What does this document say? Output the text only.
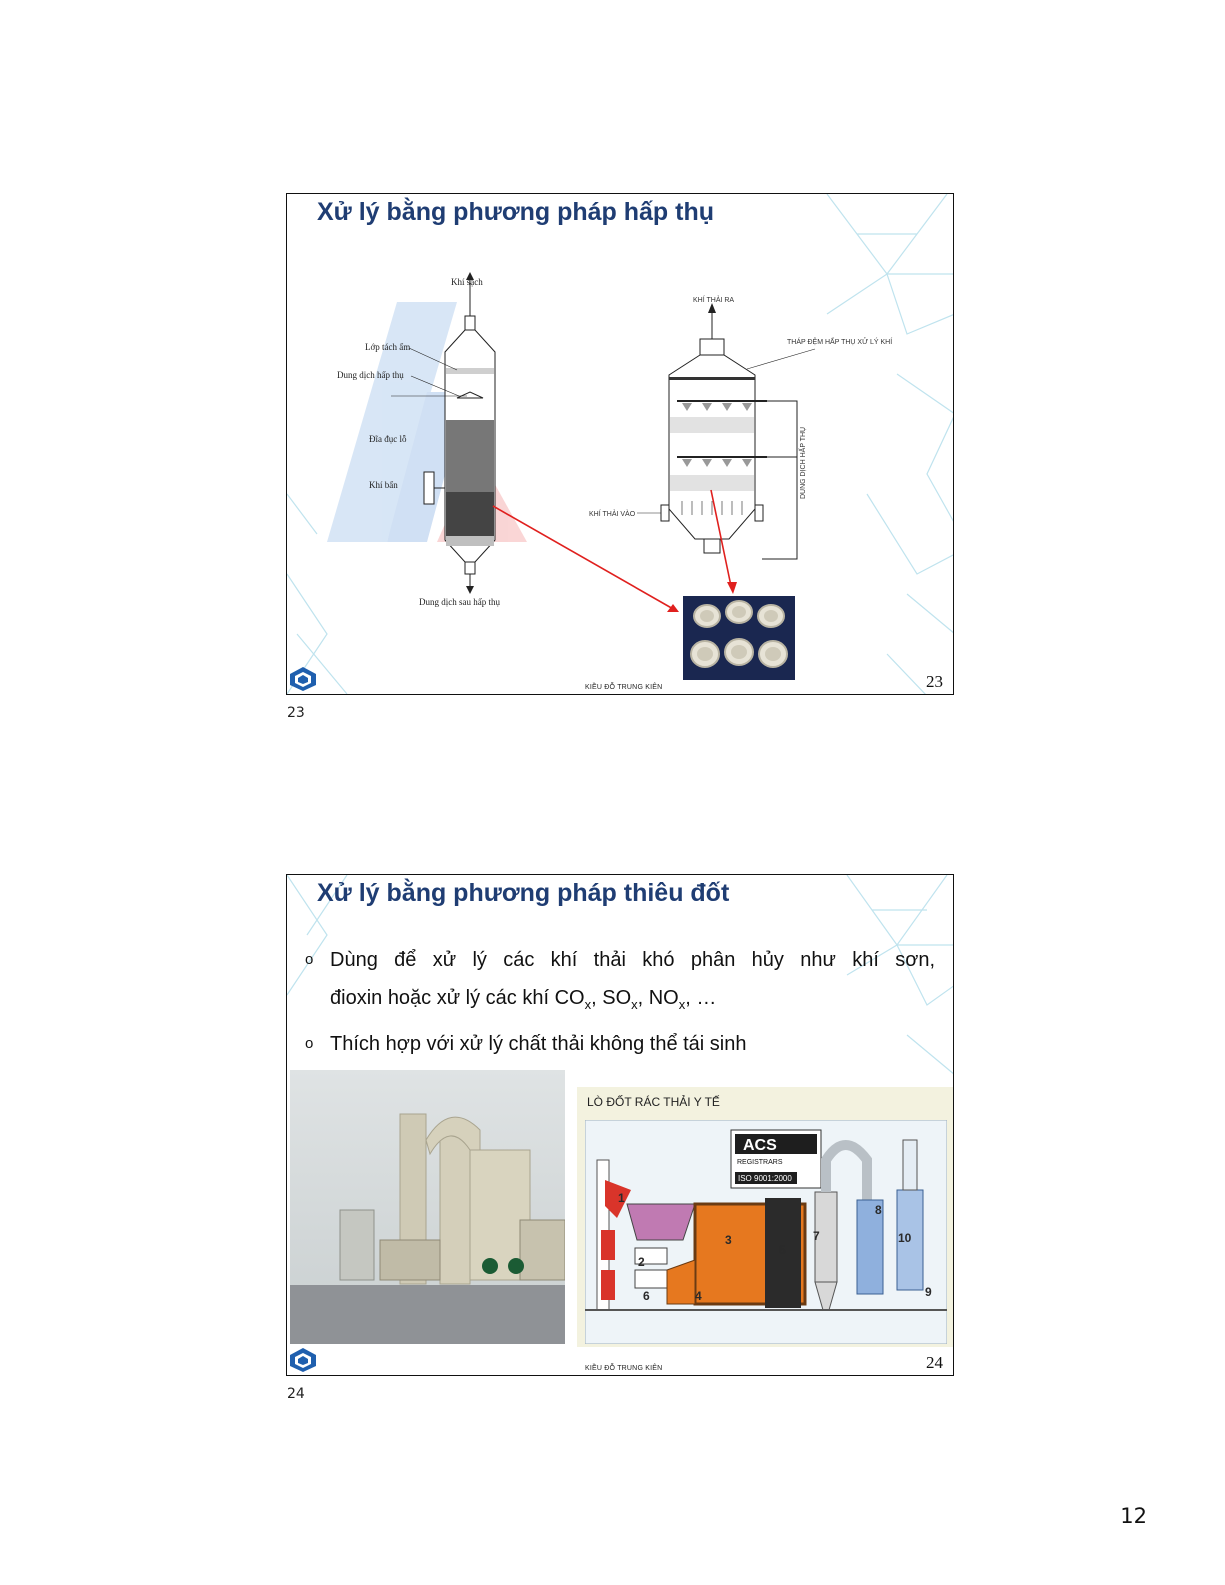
Xử lý bằng phương pháp hấp thụ
Khí sạch
Lớp tách ẩm
Dung dịch hấp thụ
Đĩa đục lỗ
Khí bẩn
Dung dịch sau hấp thụ
KHÍ THẢI RA
THÁP ĐỆM HẤP THỤ XỬ LÝ KHÍ
DUNG DỊCH HẤP THỤ
KHÍ THẢI VÀO
KIỀU ĐỖ TRUNG KIÊN	23
23
Xử lý bằng phương pháp thiêu đốt
o Dùng để xử lý các khí thải khó phân hủy như khí sơn,
đioxin hoặc xử lý các khí $CO_x$, $SO_x$, $NO_x$, …
o Thích hợp với xử lý chất thải không thể tái sinh
LÒ ĐỐT RÁC THẢI Y TẾ
ACS
REGISTRARS
ISO 9001:2000
1
2
3
4
5
6
7
8
9
10
KIỀU ĐỖ TRUNG KIÊN	24
24
12
